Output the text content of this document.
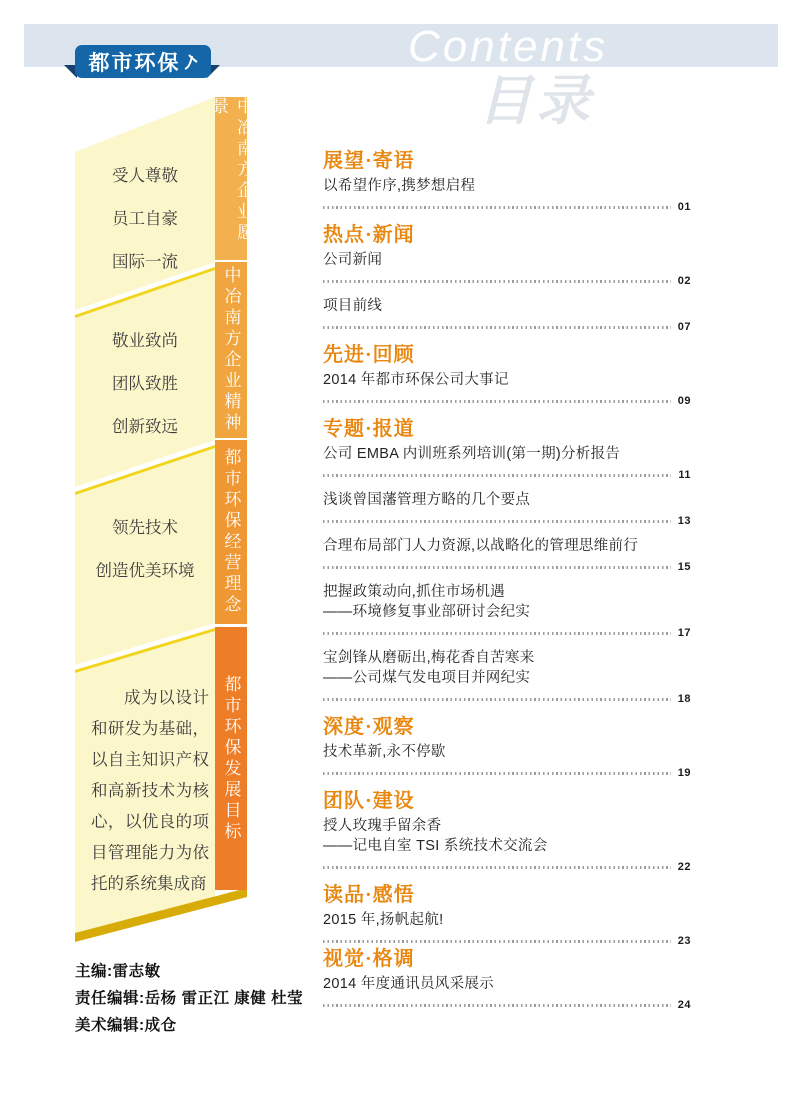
Contents
目录
都市环保
中冶南方企业愿景
中冶南方企业精神
都市环保经营理念
都市环保发展目标
受人尊敬
员工自豪
国际一流
敬业致尚
团队致胜
创新致远
领先技术
创造优美环境
成为以设计和研发为基础，以自主知识产权和高新技术为核心，以优良的项目管理能力为依托的系统集成商
展望·寄语
以希望作序,携梦想启程
01
热点·新闻
公司新闻
02
项目前线
07
先进·回顾
2014 年都市环保公司大事记
09
专题·报道
公司 EMBA 内训班系列培训(第一期)分析报告
11
浅谈曾国藩管理方略的几个要点
13
合理布局部门人力资源,以战略化的管理思维前行
15
把握政策动向,抓住市场机遇
——环境修复事业部研讨会纪实
17
宝剑锋从磨砺出,梅花香自苦寒来
——公司煤气发电项目并网纪实
18
深度·观察
技术革新,永不停歇
19
团队·建设
授人玫瑰手留余香
——记电自室 TSI 系统技术交流会
22
读品·感悟
2015 年,扬帆起航!
23
视觉·格调
2014 年度通讯员风采展示
24
主编:雷志敏
责任编辑:岳杨 雷正江 康健 杜莹
美术编辑:成仓
